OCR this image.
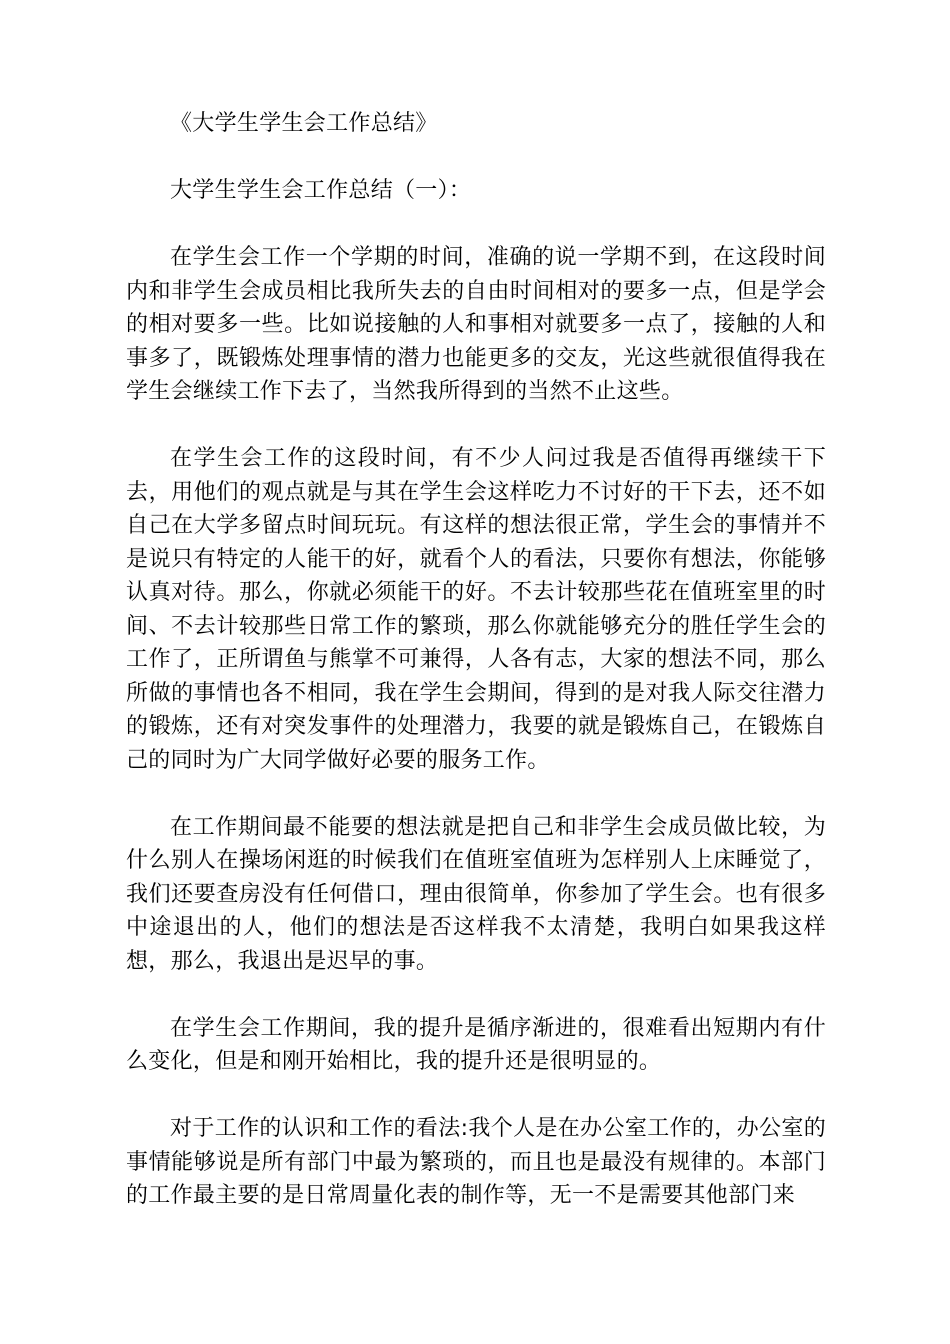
《大学生学生会工作总结》
大学生学生会工作总结（一）：

在学生会工作一个学期的时间，准确的说一学期不到，在这段时间内和非学生会成员相比我所失去的自由时间相对的要多一点，但是学会的相对要多一些。比如说接触的人和事相对就要多一点了，接触的人和事多了，既锻炼处理事情的潜力也能更多的交友，光这些就很值得我在学生会继续工作下去了，当然我所得到的当然不止这些。

在学生会工作的这段时间，有不少人问过我是否值得再继续干下去，用他们的观点就是与其在学生会这样吃力不讨好的干下去，还不如自己在大学多留点时间玩玩。有这样的想法很正常，学生会的事情并不是说只有特定的人能干的好，就看个人的看法，只要你有想法，你能够认真对待。那么，你就必须能干的好。不去计较那些花在值班室里的时间、不去计较那些日常工作的繁琐，那么你就能够充分的胜任学生会的工作了，正所谓鱼与熊掌不可兼得，人各有志，大家的想法不同，那么所做的事情也各不相同，我在学生会期间，得到的是对我人际交往潜力的锻炼，还有对突发事件的处理潜力，我要的就是锻炼自己，在锻炼自己的同时为广大同学做好必要的服务工作。

在工作期间最不能要的想法就是把自己和非学生会成员做比较，为什么别人在操场闲逛的时候我们在值班室值班为怎样别人上床睡觉了，我们还要查房没有任何借口，理由很简单，你参加了学生会。也有很多中途退出的人，他们的想法是否这样我不太清楚，我明白如果我这样想，那么，我退出是迟早的事。

在学生会工作期间，我的提升是循序渐进的，很难看出短期内有什么变化，但是和刚开始相比，我的提升还是很明显的。

对于工作的认识和工作的看法:我个人是在办公室工作的，办公室的事情能够说是所有部门中最为繁琐的，而且也是最没有规律的。本部门的工作最主要的是日常周量化表的制作等，无一不是需要其他部门来
